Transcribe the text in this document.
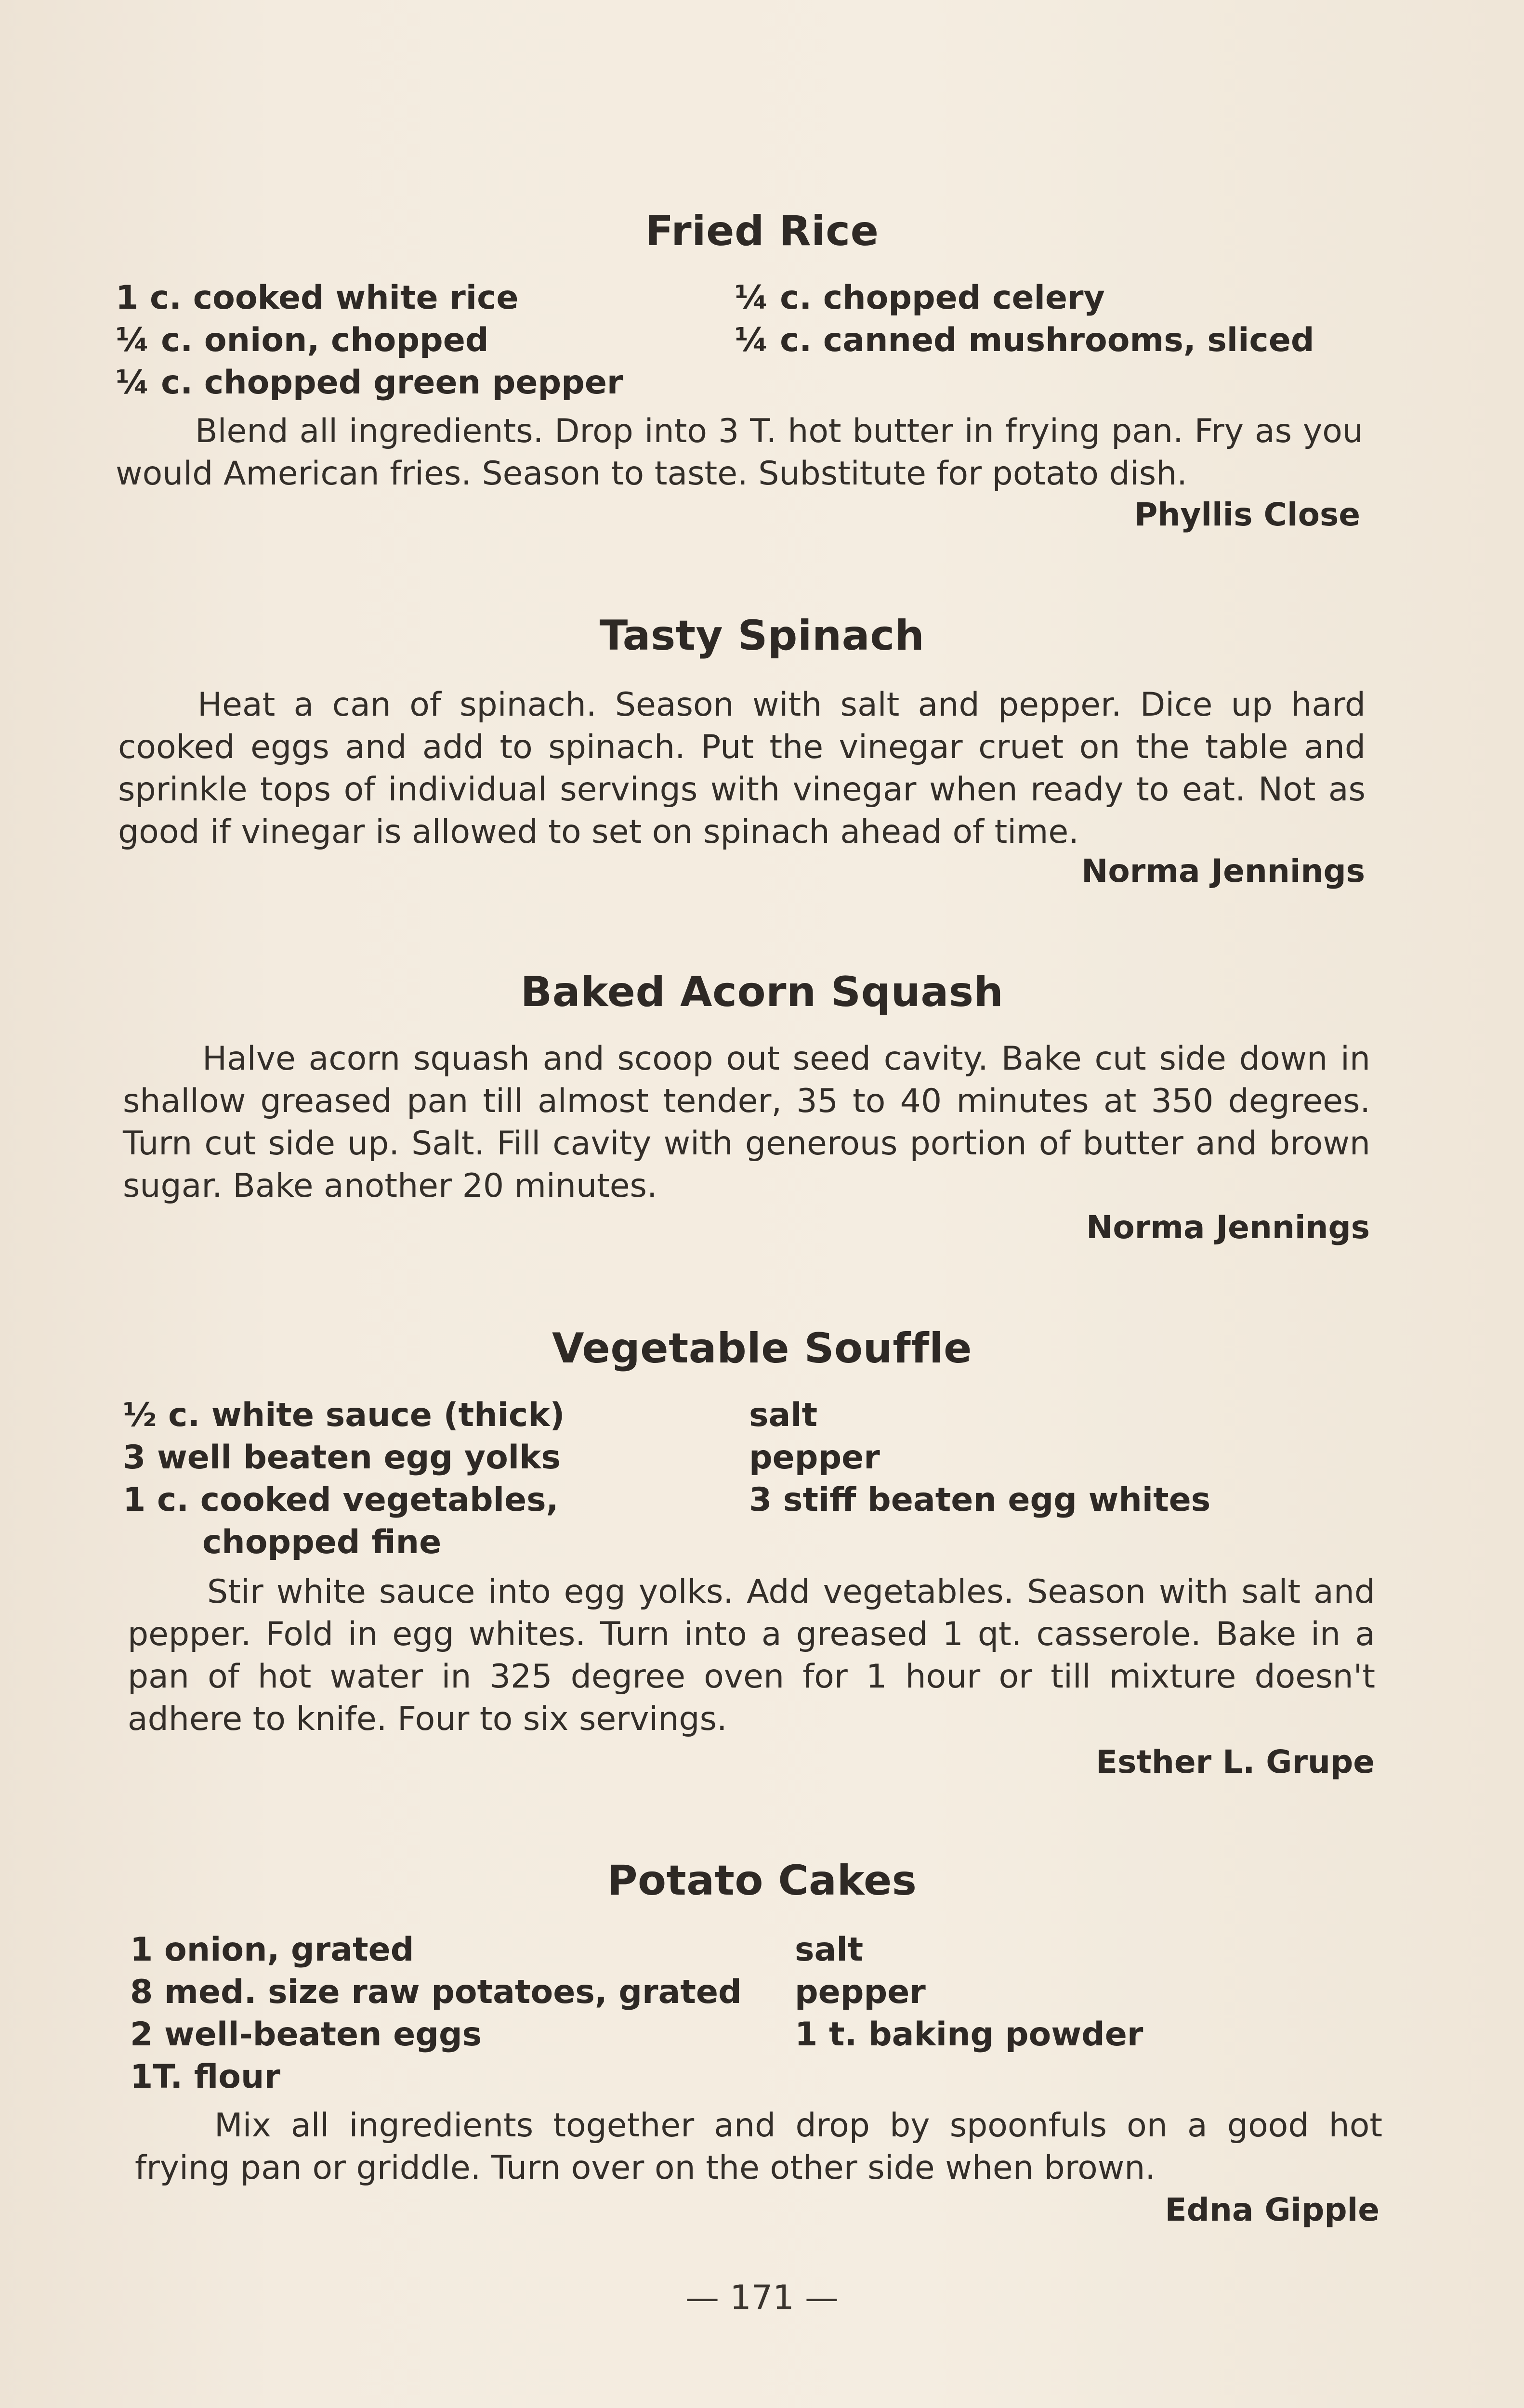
Fried Rice
1 c. cooked white rice
¼ c. onion, chopped
¼ c. chopped green pepper
¼ c. chopped celery
¼ c. canned mushrooms, sliced

Blend all ingredients. Drop into 3 T. hot butter in frying pan. Fry as you would American fries. Season to taste. Substitute for potato dish.

Phyllis Close
Tasty Spinach

Heat a can of spinach. Season with salt and pepper. Dice up hard cooked eggs and add to spinach. Put the vinegar cruet on the table and sprinkle tops of individual servings with vinegar when ready to eat. Not as good if vinegar is allowed to set on spinach ahead of time.

Norma Jennings
Baked Acorn Squash

Halve acorn squash and scoop out seed cavity. Bake cut side down in shallow greased pan till almost tender, 35 to 40 minutes at 350 degrees. Turn cut side up. Salt. Fill cavity with generous portion of butter and brown sugar. Bake another 20 minutes.

Norma Jennings
Vegetable Souffle
½ c. white sauce (thick)
3 well beaten egg yolks
1 c. cooked vegetables,
chopped fine
salt
pepper
3 stiff beaten egg whites

Stir white sauce into egg yolks. Add vegetables. Season with salt and pepper. Fold in egg whites. Turn into a greased 1 qt. casserole. Bake in a pan of hot water in 325 degree oven for 1 hour or till mixture doesn't adhere to knife. Four to six servings.

Esther L. Grupe
Potato Cakes
1 onion, grated
8 med. size raw potatoes, grated
2 well-beaten eggs
1T. flour
salt
pepper
1 t. baking powder

Mix all ingredients together and drop by spoonfuls on a good hot frying pan or griddle. Turn over on the other side when brown.

Edna Gipple
— 171 —
